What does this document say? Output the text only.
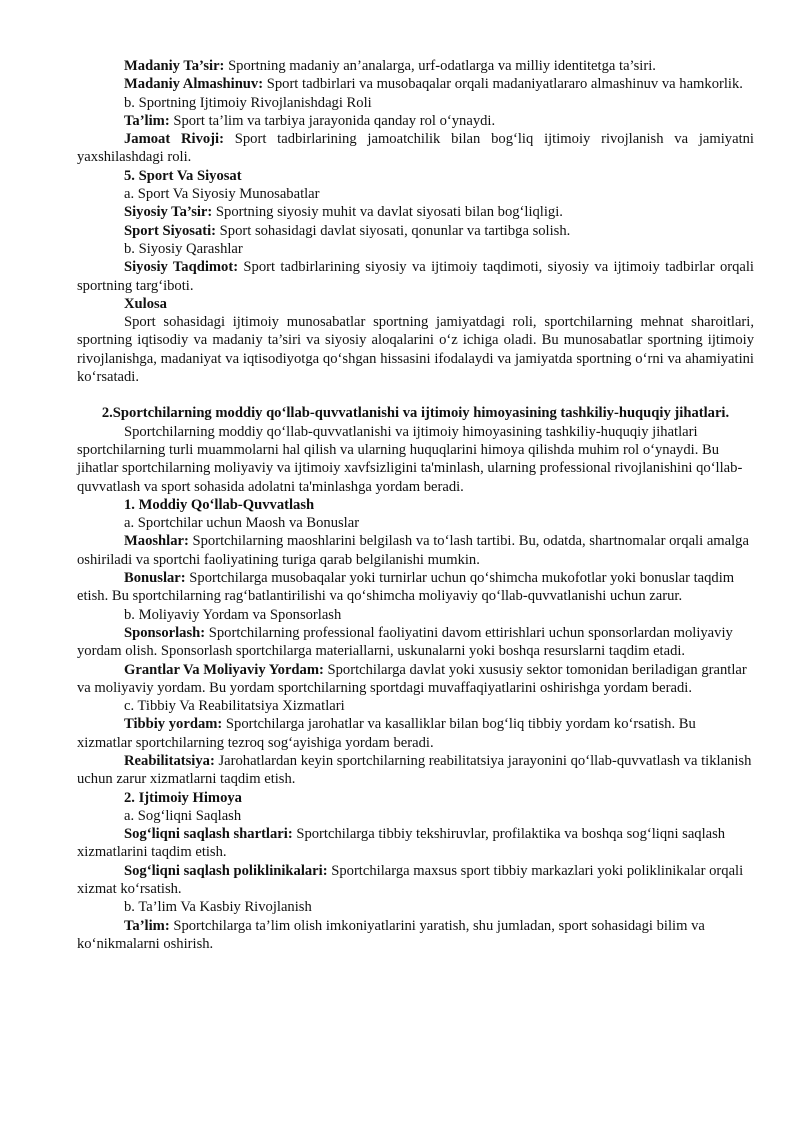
Madaniy Ta’sir: Sportning madaniy an’analarga, urf-odatlarga va milliy identitetga ta’siri.

Madaniy Almashinuv: Sport tadbirlari va musobaqalar orqali madaniyatlararo almashinuv va hamkorlik.

b. Sportning Ijtimoiy Rivojlanishdagi Roli

Ta’lim: Sport ta’lim va tarbiya jarayonida qanday rol o‘ynaydi.

Jamoat Rivoji: Sport tadbirlarining jamoatchilik bilan bog‘liq ijtimoiy rivojlanish va jamiyatni yaxshilashdagi roli.

5. Sport Va Siyosat

a. Sport Va Siyosiy Munosabatlar

Siyosiy Ta’sir: Sportning siyosiy muhit va davlat siyosati bilan bog‘liqligi.

Sport Siyosati: Sport sohasidagi davlat siyosati, qonunlar va tartibga solish.

b. Siyosiy Qarashlar

Siyosiy Taqdimot: Sport tadbirlarining siyosiy va ijtimoiy taqdimoti, siyosiy va ijtimoiy tadbirlar orqali sportning targ‘iboti.

Xulosa

Sport sohasidagi ijtimoiy munosabatlar sportning jamiyatdagi roli, sportchilarning mehnat sharoitlari, sportning iqtisodiy va madaniy ta’siri va siyosiy aloqalarini o‘z ichiga oladi. Bu munosabatlar sportning ijtimoiy rivojlanishga, madaniyat va iqtisodiyotga qo‘shgan hissasini ifodalaydi va jamiyatda sportning o‘rni va ahamiyatini ko‘rsatadi.

2.Sportchilarning moddiy qo‘llab-quvvatlanishi va ijtimoiy himoyasining tashkiliy-huquqiy jihatlari.

Sportchilarning moddiy qo‘llab-quvvatlanishi va ijtimoiy himoyasining tashkiliy-huquqiy jihatlari sportchilarning turli muammolarni hal qilish va ularning huquqlarini himoya qilishda muhim rol o‘ynaydi. Bu jihatlar sportchilarning moliyaviy va ijtimoiy xavfsizligini ta'minlash, ularning professional rivojlanishini qo‘llab-quvvatlash va sport sohasida adolatni ta'minlashga yordam beradi.

1. Moddiy Qo‘llab-Quvvatlash

a. Sportchilar uchun Maosh va Bonuslar

Maoshlar: Sportchilarning maoshlarini belgilash va to‘lash tartibi. Bu, odatda, shartnomalar orqali amalga oshiriladi va sportchi faoliyatining turiga qarab belgilanishi mumkin.

Bonuslar: Sportchilarga musobaqalar yoki turnirlar uchun qo‘shimcha mukofotlar yoki bonuslar taqdim etish. Bu sportchilarning rag‘batlantirilishi va qo‘shimcha moliyaviy qo‘llab-quvvatlanishi uchun zarur.

b. Moliyaviy Yordam va Sponsorlash

Sponsorlash: Sportchilarning professional faoliyatini davom ettirishlari uchun sponsorlardan moliyaviy yordam olish. Sponsorlash sportchilarga materiallarni, uskunalarni yoki boshqa resurslarni taqdim etadi.

Grantlar Va Moliyaviy Yordam: Sportchilarga davlat yoki xususiy sektor tomonidan beriladigan grantlar va moliyaviy yordam. Bu yordam sportchilarning sportdagi muvaffaqiyatlarini oshirishga yordam beradi.

c. Tibbiy Va Reabilitatsiya Xizmatlari

Tibbiy yordam: Sportchilarga jarohatlar va kasalliklar bilan bog‘liq tibbiy yordam ko‘rsatish. Bu xizmatlar sportchilarning tezroq sog‘ayishiga yordam beradi.

Reabilitatsiya: Jarohatlardan keyin sportchilarning reabilitatsiya jarayonini qo‘llab-quvvatlash va tiklanish uchun zarur xizmatlarni taqdim etish.

2. Ijtimoiy Himoya

a. Sog‘liqni Saqlash

Sog‘liqni saqlash shartlari: Sportchilarga tibbiy tekshiruvlar, profilaktika va boshqa sog‘liqni saqlash xizmatlarini taqdim etish.

Sog‘liqni saqlash poliklinikalari: Sportchilarga maxsus sport tibbiy markazlari yoki poliklinikalar orqali xizmat ko‘rsatish.

b. Ta’lim Va Kasbiy Rivojlanish

Ta’lim: Sportchilarga ta’lim olish imkoniyatlarini yaratish, shu jumladan, sport sohasidagi bilim va ko‘nikmalarni oshirish.
